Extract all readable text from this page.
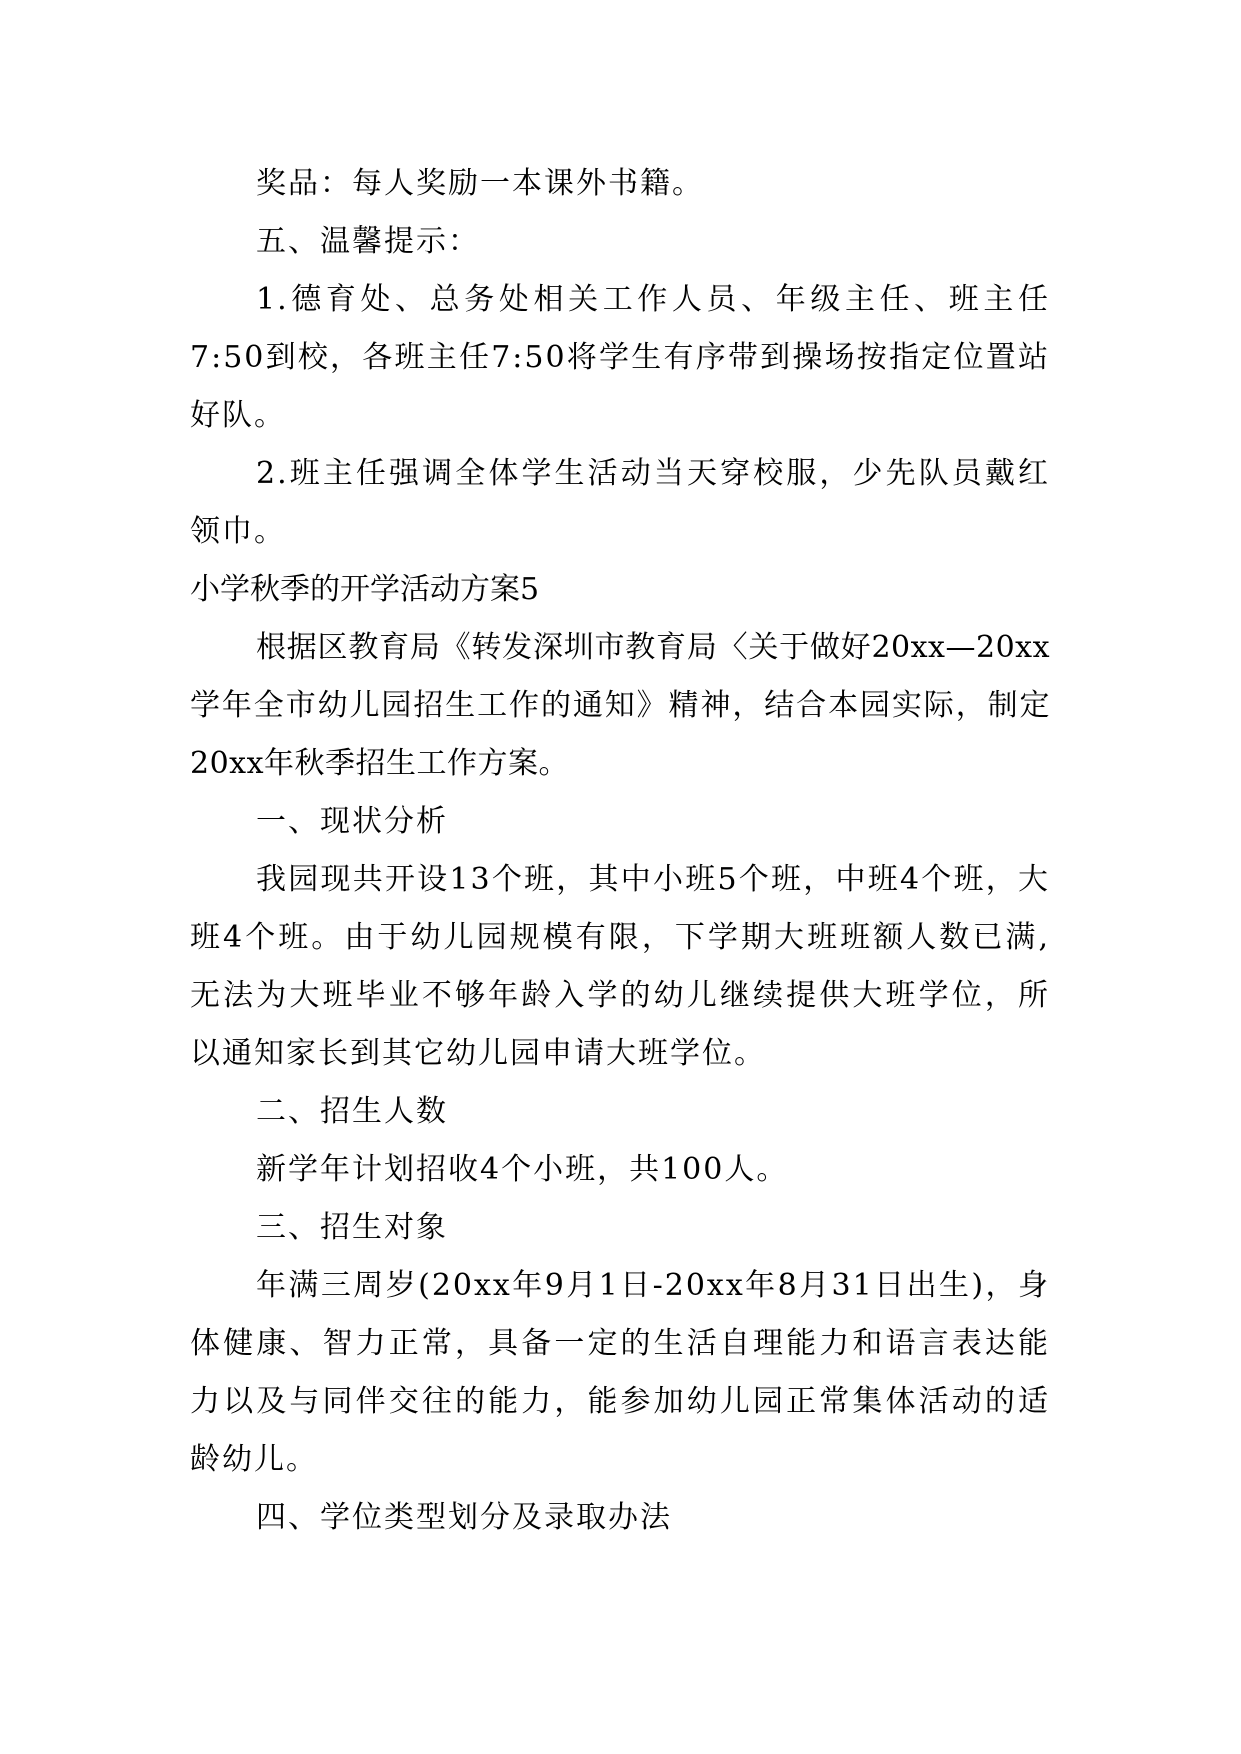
奖品：每人奖励一本课外书籍。

五、温馨提示：

1.德育处、总务处相关工作人员、年级主任、班主任7:50到校，各班主任7:50将学生有序带到操场按指定位置站好队。

2.班主任强调全体学生活动当天穿校服，少先队员戴红领巾。

小学秋季的开学活动方案5

根据区教育局《转发深圳市教育局〈关于做好20xx—20xx学年全市幼儿园招生工作的通知》精神，结合本园实际，制定20xx年秋季招生工作方案。

一、现状分析

我园现共开设13个班，其中小班5个班，中班4个班，大班4个班。由于幼儿园规模有限，下学期大班班额人数已满,无法为大班毕业不够年龄入学的幼儿继续提供大班学位，所以通知家长到其它幼儿园申请大班学位。

二、招生人数

新学年计划招收4个小班，共100人。

三、招生对象

年满三周岁(20xx年9月1日-20xx年8月31日出生)，身体健康、智力正常，具备一定的生活自理能力和语言表达能力以及与同伴交往的能力，能参加幼儿园正常集体活动的适龄幼儿。

四、学位类型划分及录取办法
